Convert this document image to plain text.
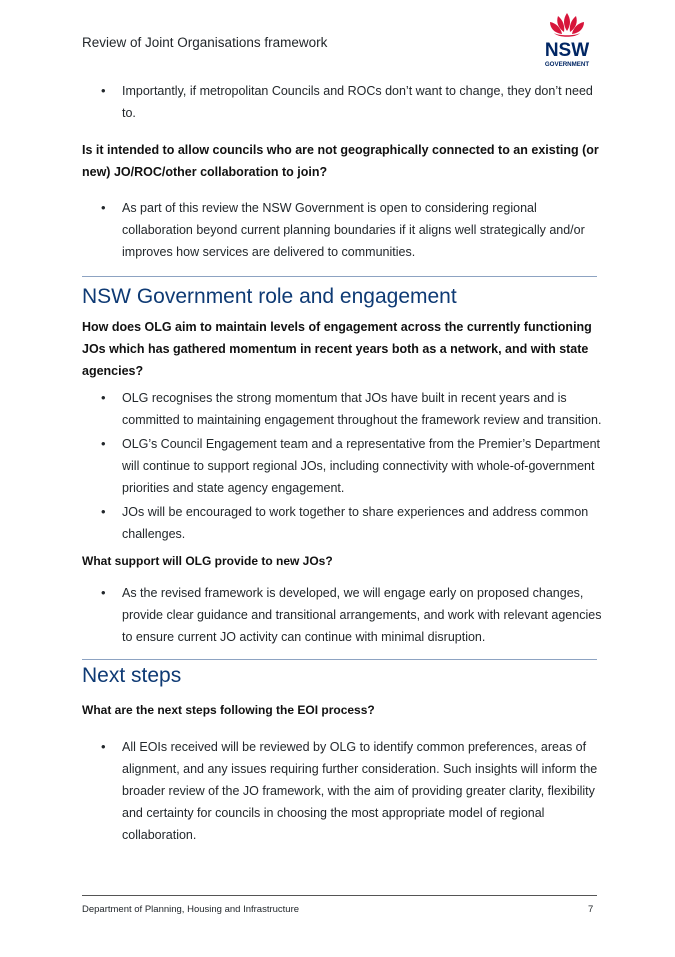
Review of Joint Organisations framework	NSW
GOVERNMENT
• Importantly, if metropolitan Councils and ROCs don’t want to change, they don’t need to.
Is it intended to allow councils who are not geographically connected to an existing (or new) JO/ROC/other collaboration to join?
• As part of this review the NSW Government is open to considering regional collaboration beyond current planning boundaries if it aligns well strategically and/or improves how services are delivered to communities.
NSW Government role and engagement
How does OLG aim to maintain levels of engagement across the currently functioning JOs which has gathered momentum in recent years both as a network, and with state agencies?
• OLG recognises the strong momentum that JOs have built in recent years and is committed to maintaining engagement throughout the framework review and transition.
• OLG’s Council Engagement team and a representative from the Premier’s Department will continue to support regional JOs, including connectivity with whole-of-government priorities and state agency engagement.
• JOs will be encouraged to work together to share experiences and address common challenges.
What support will OLG provide to new JOs?
• As the revised framework is developed, we will engage early on proposed changes, provide clear guidance and transitional arrangements, and work with relevant agencies to ensure current JO activity can continue with minimal disruption.
Next steps
What are the next steps following the EOI process?
• All EOIs received will be reviewed by OLG to identify common preferences, areas of alignment, and any issues requiring further consideration. Such insights will inform the broader review of the JO framework, with the aim of providing greater clarity, flexibility and certainty for councils in choosing the most appropriate model of regional collaboration.
Department of Planning, Housing and Infrastructure	7
